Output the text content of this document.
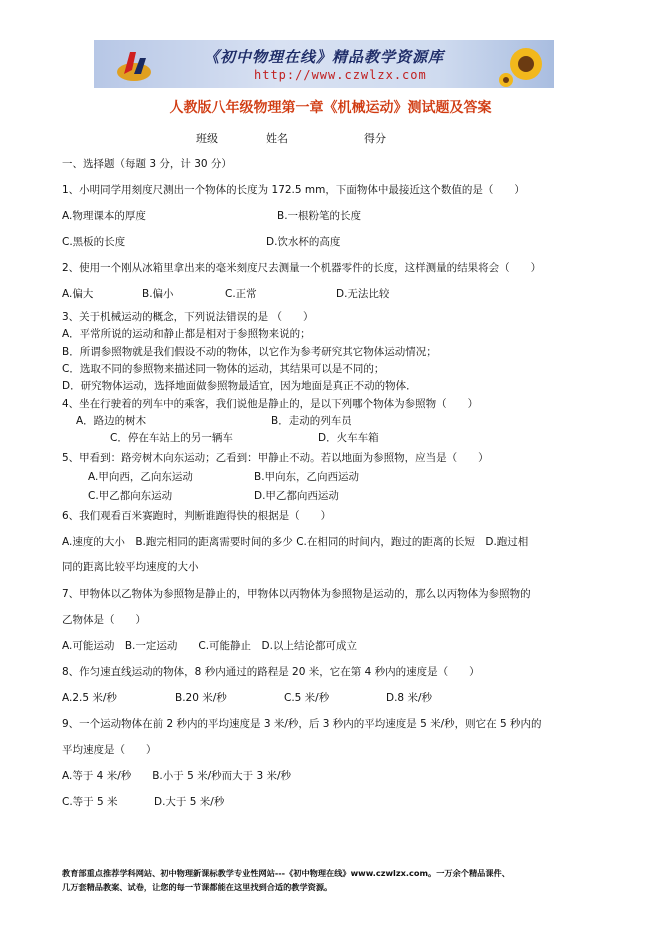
《初中物理在线》精品教学资源库
http://www.czwlzx.com
人教版八年级物理第一章《机械运动》测试题及答案
班级	姓名	得分
一、选择题（每题 3 分，计 30 分）
1、小明同学用刻度尺测出一个物体的长度为 172.5 mm，下面物体中最接近这个数值的是（　　）
A.物理课本的厚度	B.一根粉笔的长度
C.黑板的长度	D.饮水杯的高度
2、使用一个刚从冰箱里拿出来的毫米刻度尺去测量一个机器零件的长度，这样测量的结果将会（　　）
A.偏大	B.偏小	C.正常	D.无法比较
3、关于机械运动的概念，下列说法错误的是 （　　）
A．平常所说的运动和静止都是相对于参照物来说的；
B．所谓参照物就是我们假设不动的物体，以它作为参考研究其它物体运动情况；
C．选取不同的参照物来描述同一物体的运动，其结果可以是不同的；
D．研究物体运动，选择地面做参照物最适宜，因为地面是真正不动的物体．
4、坐在行驶着的列车中的乘客，我们说他是静止的，是以下列哪个物体为参照物（　　）
A．路边的树木	B．走动的列车员
C．停在车站上的另一辆车	D．火车车箱
5、甲看到：路旁树木向东运动；乙看到：甲静止不动。若以地面为参照物，应当是（　　）
A.甲向西，乙向东运动	B.甲向东，乙向西运动
C.甲乙都向东运动	D.甲乙都向西运动
6、我们观看百米赛跑时，判断谁跑得快的根据是（　　）
A.速度的大小　B.跑完相同的距离需要时间的多少 C.在相同的时间内，跑过的距离的长短　D.跑过相
同的距离比较平均速度的大小
7、甲物体以乙物体为参照物是静止的，甲物体以丙物体为参照物是运动的，那么以丙物体为参照物的
乙物体是（　　）
A.可能运动　B.一定运动　　C.可能静止　D.以上结论都可成立
8、作匀速直线运动的物体，8 秒内通过的路程是 20 米，它在第 4 秒内的速度是（　　）
A.2.5 米/秒	B.20 米/秒	C.5 米/秒	D.8 米/秒
9、一个运动物体在前 2 秒内的平均速度是 3 米/秒，后 3 秒内的平均速度是 5 米/秒，则它在 5 秒内的
平均速度是（　　）
A.等于 4 米/秒　　B.小于 5 米/秒而大于 3 米/秒
C.等于 5 米	D.大于 5 米/秒
教育部重点推荐学科网站、初中物理新课标教学专业性网站---《初中物理在线》www.czwlzx.com。一万余个精品课件、
几万套精品教案、试卷，让您的每一节课都能在这里找到合适的教学资源。
